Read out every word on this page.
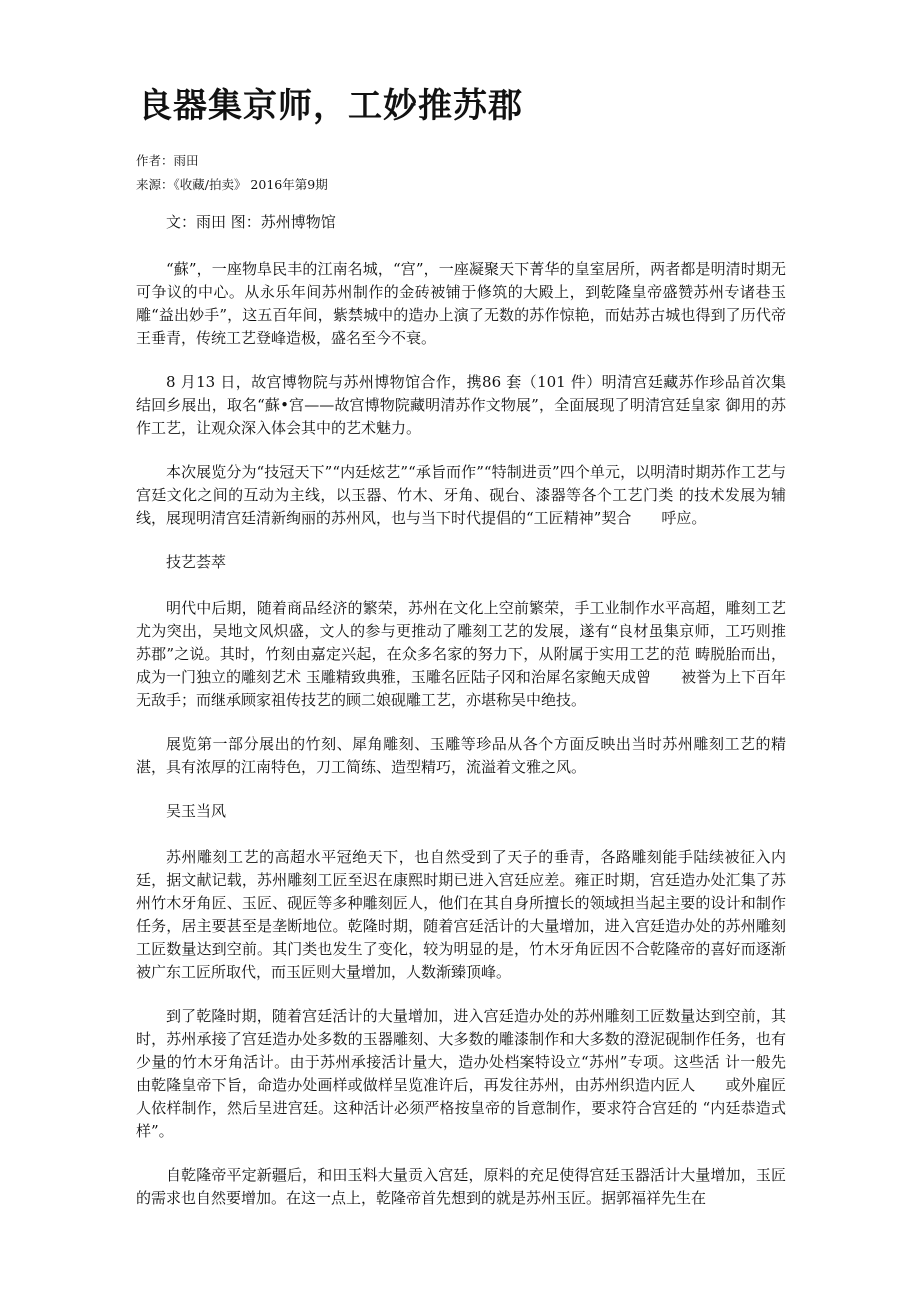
良器集京师，工妙推苏郡
作者：雨田
来源：《收藏/拍卖》 2016年第9期

文：雨田 图：苏州博物馆

“蘇”，一座物阜民丰的江南名城，“宫”，一座凝聚天下菁华的皇室居所，两者都是明清时期无可争议的中心。从永乐年间苏州制作的金砖被铺于修筑的大殿上，到乾隆皇帝盛赞苏州专诸巷玉雕“益出妙手”，这五百年间，紫禁城中的造办上演了无数的苏作惊艳，而姑苏古城也得到了历代帝王垂青，传统工艺登峰造极，盛名至今不衰。

8 月13 日，故宫博物院与苏州博物馆合作，携86 套（101 件）明清宫廷藏苏作珍品首次集结回乡展出，取名“蘇•宫——故宫博物院藏明清苏作文物展”，全面展现了明清宫廷皇家 御用的苏作工艺，让观众深入体会其中的艺术魅力。

本次展览分为“技冠天下”“内廷炫艺”“承旨而作”“特制进贡”四个单元，以明清时期苏作工艺与宫廷文化之间的互动为主线，以玉器、竹木、牙角、砚台、漆器等各个工艺门类 的技术发展为辅线，展现明清宫廷清新绚丽的苏州风，也与当下时代提倡的“工匠精神”契合　　呼应。

技艺荟萃

明代中后期，随着商品经济的繁荣，苏州在文化上空前繁荣，手工业制作水平高超，雕刻工艺尤为突出，吴地文风炽盛，文人的参与更推动了雕刻工艺的发展，遂有“良材虽集京师，工巧则推苏郡”之说。其时，竹刻由嘉定兴起，在众多名家的努力下，从附属于实用工艺的范 畴脱胎而出，成为一门独立的雕刻艺术 玉雕精致典雅，玉雕名匠陆子冈和治犀名家鲍天成曾　　被誉为上下百年无敌手；而继承顾家祖传技艺的顾二娘砚雕工艺，亦堪称吴中绝技。

展览第一部分展出的竹刻、犀角雕刻、玉雕等珍品从各个方面反映出当时苏州雕刻工艺的精湛，具有浓厚的江南特色，刀工简练、造型精巧，流溢着文雅之风。

吴玉当风

苏州雕刻工艺的高超水平冠绝天下，也自然受到了天子的垂青，各路雕刻能手陆续被征入内廷，据文献记载，苏州雕刻工匠至迟在康熙时期已进入宫廷应差。雍正时期，宫廷造办处汇集了苏州竹木牙角匠、玉匠、砚匠等多种雕刻匠人，他们在其自身所擅长的领域担当起主要的设计和制作任务，居主要甚至是垄断地位。乾隆时期，随着宫廷活计的大量增加，进入宫廷造办处的苏州雕刻工匠数量达到空前。其门类也发生了变化，较为明显的是，竹木牙角匠因不合乾隆帝的喜好而逐渐被广东工匠所取代，而玉匠则大量增加，人数渐臻顶峰。

到了乾隆时期，随着宫廷活计的大量增加，进入宫廷造办处的苏州雕刻工匠数量达到空前，其时，苏州承接了宫廷造办处多数的玉器雕刻、大多数的雕漆制作和大多数的澄泥砚制作任务，也有少量的竹木牙角活计。由于苏州承接活计量大，造办处档案特设立“苏州”专项。这些活 计一般先由乾隆皇帝下旨，命造办处画样或做样呈览准许后，再发往苏州，由苏州织造内匠人　　或外雇匠人依样制作，然后呈进宫廷。这种活计必须严格按皇帝的旨意制作，要求符合宫廷的 “内廷恭造式样”。

自乾隆帝平定新疆后，和田玉料大量贡入宫廷，原料的充足使得宫廷玉器活计大量增加，玉匠的需求也自然要增加。在这一点上，乾隆帝首先想到的就是苏州玉匠。据郭福祥先生在
